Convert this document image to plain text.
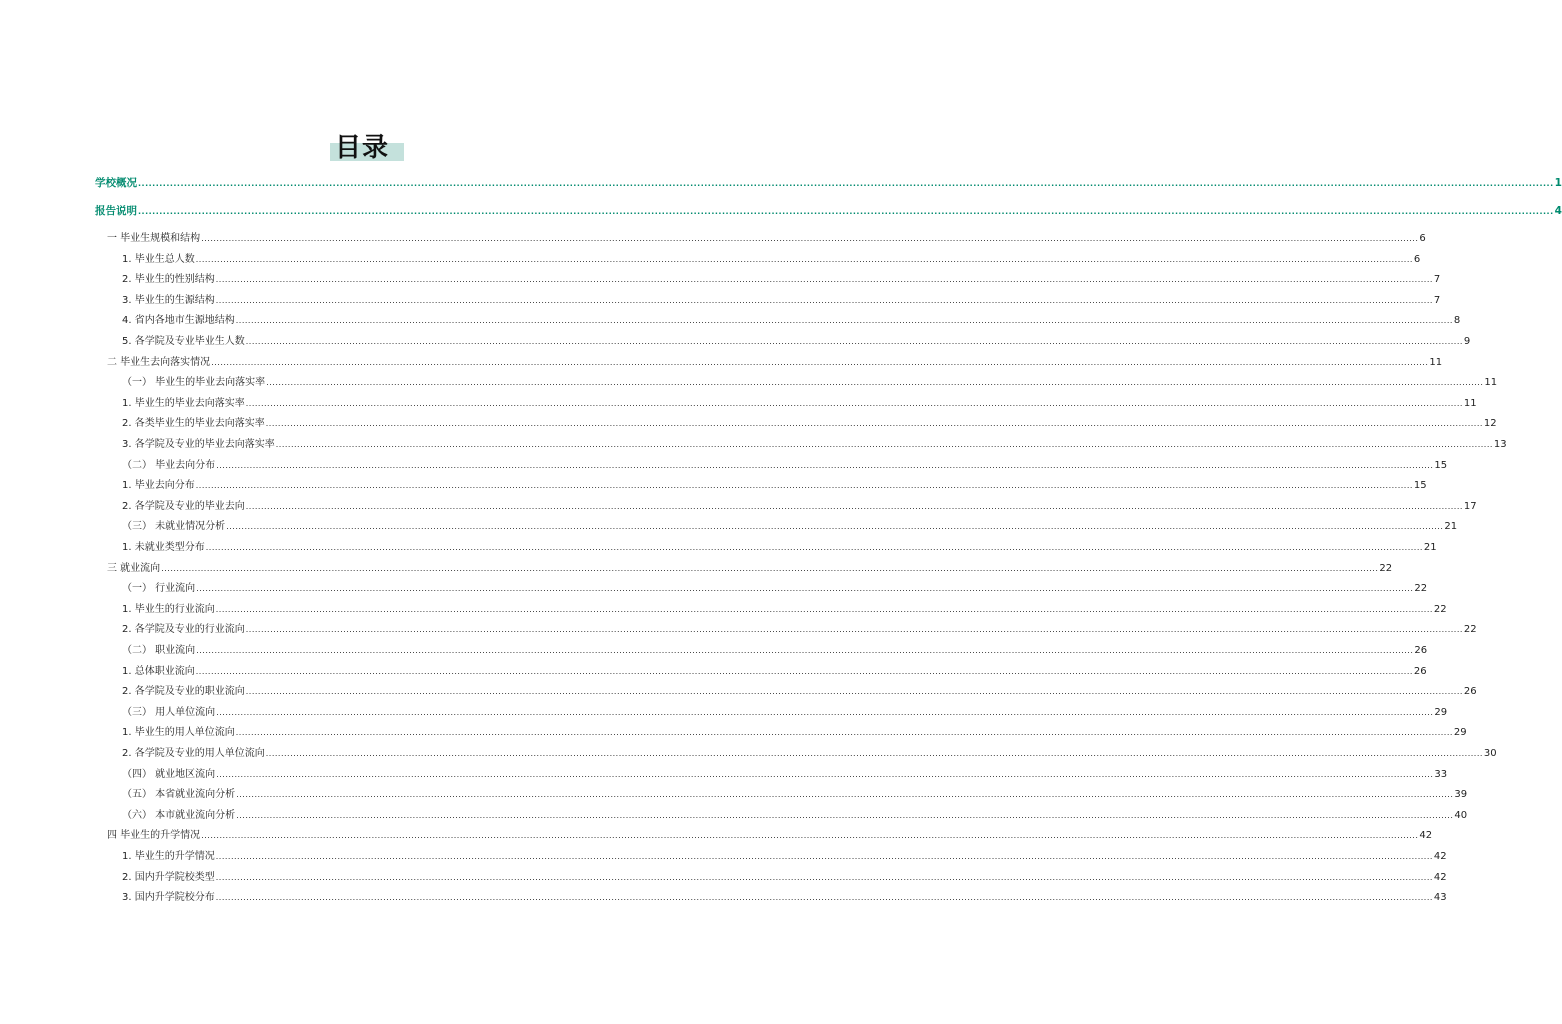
目录
学校概况 ................................................................................................................................................................................................................................................................................................................................................................................................................ 1
报告说明 ................................................................................................................................................................................................................................................................................................................................................................................................................ 4
一 毕业生规模和结构 ................................................................................................................................................................................................................................................................................................................................................................................................................ 6
1. 毕业生总人数 ................................................................................................................................................................................................................................................................................................................................................................................................................ 6
2. 毕业生的性别结构 ................................................................................................................................................................................................................................................................................................................................................................................................................ 7
3. 毕业生的生源结构 ................................................................................................................................................................................................................................................................................................................................................................................................................ 7
4. 省内各地市生源地结构 ................................................................................................................................................................................................................................................................................................................................................................................................................ 8
5. 各学院及专业毕业生人数 ................................................................................................................................................................................................................................................................................................................................................................................................................ 9
二 毕业生去向落实情况 ................................................................................................................................................................................................................................................................................................................................................................................................................ 11
（一） 毕业生的毕业去向落实率 ................................................................................................................................................................................................................................................................................................................................................................................................................ 11
1. 毕业生的毕业去向落实率 ................................................................................................................................................................................................................................................................................................................................................................................................................ 11
2. 各类毕业生的毕业去向落实率 ................................................................................................................................................................................................................................................................................................................................................................................................................ 12
3. 各学院及专业的毕业去向落实率 ................................................................................................................................................................................................................................................................................................................................................................................................................ 13
（二） 毕业去向分布 ................................................................................................................................................................................................................................................................................................................................................................................................................ 15
1. 毕业去向分布 ................................................................................................................................................................................................................................................................................................................................................................................................................ 15
2. 各学院及专业的毕业去向 ................................................................................................................................................................................................................................................................................................................................................................................................................ 17
（三） 未就业情况分析 ................................................................................................................................................................................................................................................................................................................................................................................................................ 21
1. 未就业类型分布 ................................................................................................................................................................................................................................................................................................................................................................................................................ 21
三 就业流向 ................................................................................................................................................................................................................................................................................................................................................................................................................ 22
（一） 行业流向 ................................................................................................................................................................................................................................................................................................................................................................................................................ 22
1. 毕业生的行业流向 ................................................................................................................................................................................................................................................................................................................................................................................................................ 22
2. 各学院及专业的行业流向 ................................................................................................................................................................................................................................................................................................................................................................................................................ 22
（二） 职业流向 ................................................................................................................................................................................................................................................................................................................................................................................................................ 26
1. 总体职业流向 ................................................................................................................................................................................................................................................................................................................................................................................................................ 26
2. 各学院及专业的职业流向 ................................................................................................................................................................................................................................................................................................................................................................................................................ 26
（三） 用人单位流向 ................................................................................................................................................................................................................................................................................................................................................................................................................ 29
1. 毕业生的用人单位流向 ................................................................................................................................................................................................................................................................................................................................................................................................................ 29
2. 各学院及专业的用人单位流向 ................................................................................................................................................................................................................................................................................................................................................................................................................ 30
（四） 就业地区流向 ................................................................................................................................................................................................................................................................................................................................................................................................................ 33
（五） 本省就业流向分析 ................................................................................................................................................................................................................................................................................................................................................................................................................ 39
（六） 本市就业流向分析 ................................................................................................................................................................................................................................................................................................................................................................................................................ 40
四 毕业生的升学情况 ................................................................................................................................................................................................................................................................................................................................................................................................................ 42
1. 毕业生的升学情况 ................................................................................................................................................................................................................................................................................................................................................................................................................ 42
2. 国内升学院校类型 ................................................................................................................................................................................................................................................................................................................................................................................................................ 42
3. 国内升学院校分布 ................................................................................................................................................................................................................................................................................................................................................................................................................ 43
